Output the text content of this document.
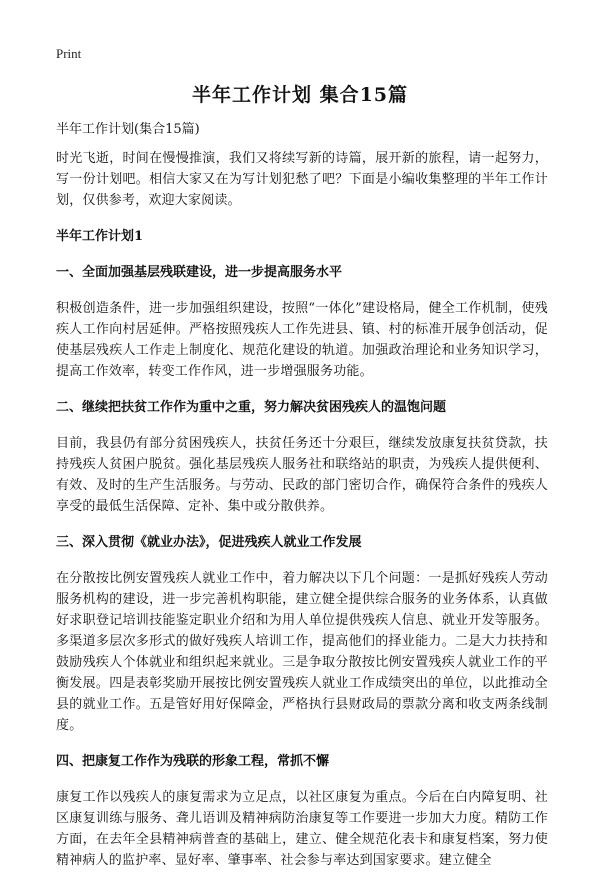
Print
半年工作计划 集合15篇

半年工作计划(集合15篇)

时光飞逝，时间在慢慢推演，我们又将续写新的诗篇，展开新的旅程，请一起努力，写一份计划吧。相信大家又在为写计划犯愁了吧？下面是小编收集整理的半年工作计划，仅供参考，欢迎大家阅读。

半年工作计划1

一、全面加强基层残联建设，进一步提高服务水平

积极创造条件，进一步加强组织建设，按照“一体化”建设格局，健全工作机制，使残疾人工作向村居延伸。严格按照残疾人工作先进县、镇、村的标准开展争创活动，促使基层残疾人工作走上制度化、规范化建设的轨道。加强政治理论和业务知识学习，提高工作效率，转变工作作风，进一步增强服务功能。

二、继续把扶贫工作作为重中之重，努力解决贫困残疾人的温饱问题

目前，我县仍有部分贫困残疾人，扶贫任务还十分艰巨，继续发放康复扶贫贷款，扶持残疾人贫困户脱贫。强化基层残疾人服务社和联络站的职责，为残疾人提供便利、有效、及时的生产生活服务。与劳动、民政的部门密切合作，确保符合条件的残疾人享受的最低生活保障、定补、集中或分散供养。

三、深入贯彻《就业办法》，促进残疾人就业工作发展

在分散按比例安置残疾人就业工作中，着力解决以下几个问题：一是抓好残疾人劳动服务机构的建设，进一步完善机构职能，建立健全提供综合服务的业务体系，认真做好求职登记培训技能鉴定职业介绍和为用人单位提供残疾人信息、就业开发等服务。多渠道多层次多形式的做好残疾人培训工作，提高他们的择业能力。二是大力扶持和鼓励残疾人个体就业和组织起来就业。三是争取分散按比例安置残疾人就业工作的平衡发展。四是表彰奖励开展按比例安置残疾人就业工作成绩突出的单位，以此推动全县的就业工作。五是管好用好保障金，严格执行县财政局的票款分离和收支两条线制度。

四、把康复工作作为残联的形象工程，常抓不懈

康复工作以残疾人的康复需求为立足点，以社区康复为重点。今后在白内障复明、社区康复训练与服务、聋儿语训及精神病防治康复等工作要进一步加大力度。精防工作方面，在去年全县精神病普查的基础上，建立、健全规范化表卡和康复档案，努力使精神病人的监护率、显好率、肇事率、社会参与率达到国家要求。建立健全
